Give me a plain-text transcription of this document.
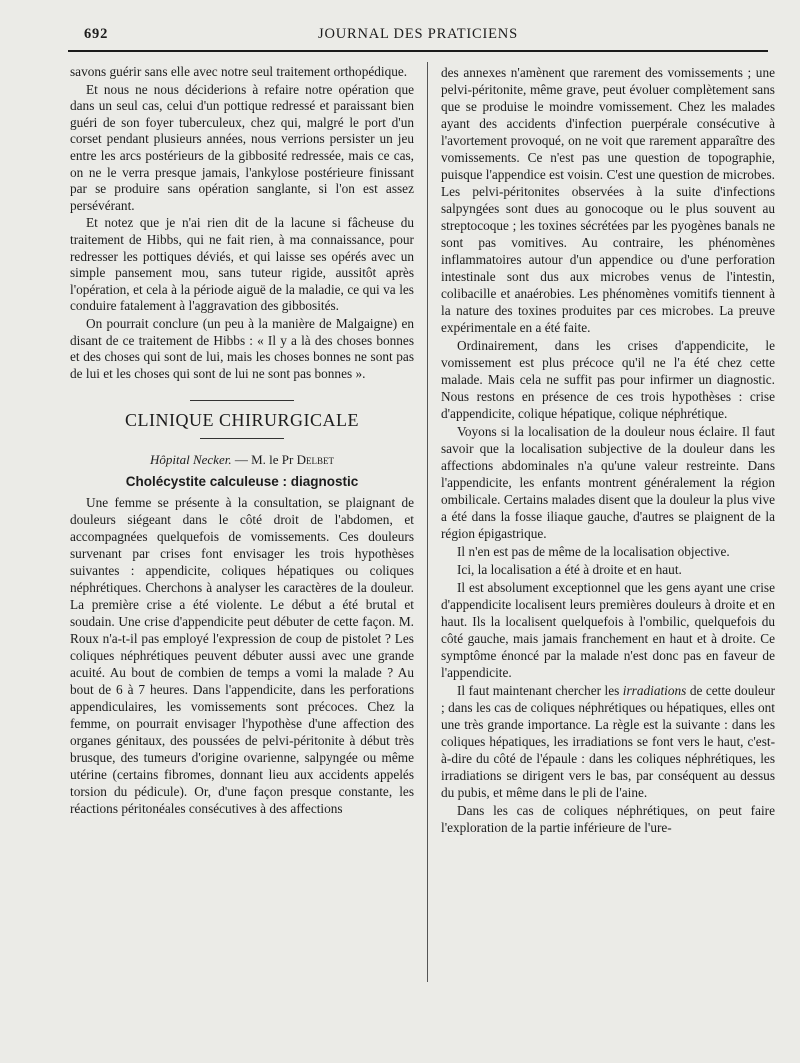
692	JOURNAL DES PRATICIENS

savons guérir sans elle avec notre seul traitement orthopédique.

Et nous ne nous déciderions à refaire notre opération que dans un seul cas, celui d'un pottique redressé et paraissant bien guéri de son foyer tuberculeux, chez qui, malgré le port d'un corset pendant plusieurs années, nous verrions persister un jeu entre les arcs postérieurs de la gibbosité redressée, mais ce cas, on ne le verra presque jamais, l'ankylose postérieure finissant par se produire sans opération sanglante, si l'on est assez persévérant.

Et notez que je n'ai rien dit de la lacune si fâcheuse du traitement de Hibbs, qui ne fait rien, à ma connaissance, pour redresser les pottiques déviés, et qui laisse ses opérés avec un simple pansement mou, sans tuteur rigide, aussitôt après l'opération, et cela à la période aiguë de la maladie, ce qui va les conduire fatalement à l'aggravation des gibbosités.

On pourrait conclure (un peu à la manière de Malgaigne) en disant de ce traitement de Hibbs : « Il y a là des choses bonnes et des choses qui sont de lui, mais les choses bonnes ne sont pas de lui et les choses qui sont de lui ne sont pas bonnes ».

CLINIQUE CHIRURGICALE
Hôpital Necker. — M. le Pr Delbet
Cholécystite calculeuse : diagnostic

Une femme se présente à la consultation, se plaignant de douleurs siégeant dans le côté droit de l'abdomen, et accompagnées quelquefois de vomissements. Ces douleurs survenant par crises font envisager les trois hypothèses suivantes : appendicite, coliques hépatiques ou coliques néphrétiques. Cherchons à analyser les caractères de la douleur. La première crise a été violente. Le début a été brutal et soudain. Une crise d'appendicite peut débuter de cette façon. M. Roux n'a-t-il pas employé l'expression de coup de pistolet ? Les coliques néphrétiques peuvent débuter aussi avec une grande acuité. Au bout de combien de temps a vomi la malade ? Au bout de 6 à 7 heures. Dans l'appendicite, dans les perforations appendiculaires, les vomissements sont précoces. Chez la femme, on pourrait envisager l'hypothèse d'une affection des organes génitaux, des poussées de pelvi-péritonite à début très brusque, des tumeurs d'origine ovarienne, salpyngée ou même utérine (certains fibromes, donnant lieu aux accidents appelés torsion du pédicule). Or, d'une façon presque constante, les réactions péritonéales consécutives à des affections

des annexes n'amènent que rarement des vomissements ; une pelvi-péritonite, même grave, peut évoluer complètement sans que se produise le moindre vomissement. Chez les malades ayant des accidents d'infection puerpérale consécutive à l'avortement provoqué, on ne voit que rarement apparaître des vomissements. Ce n'est pas une question de topographie, puisque l'appendice est voisin. C'est une question de microbes. Les pelvi-péritonites observées à la suite d'infections salpyngées sont dues au gonocoque ou le plus souvent au streptocoque ; les toxines sécrétées par les pyogènes banals ne sont pas vomitives. Au contraire, les phénomènes inflammatoires autour d'un appendice ou d'une perforation intestinale sont dus aux microbes venus de l'intestin, colibacille et anaérobies. Les phénomènes vomitifs tiennent à la nature des toxines produites par ces microbes. La preuve expérimentale en a été faite.

Ordinairement, dans les crises d'appendicite, le vomissement est plus précoce qu'il ne l'a été chez cette malade. Mais cela ne suffit pas pour infirmer un diagnostic. Nous restons en présence de ces trois hypothèses : crise d'appendicite, colique hépatique, colique néphrétique.

Voyons si la localisation de la douleur nous éclaire. Il faut savoir que la localisation subjective de la douleur dans les affections abdominales n'a qu'une valeur restreinte. Dans l'appendicite, les enfants montrent généralement la région ombilicale. Certains malades disent que la douleur la plus vive a été dans la fosse iliaque gauche, d'autres se plaignent de la région épigastrique.

Il n'en est pas de même de la localisation objective.

Ici, la localisation a été à droite et en haut.

Il est absolument exceptionnel que les gens ayant une crise d'appendicite localisent leurs premières douleurs à droite et en haut. Ils la localisent quelquefois à l'ombilic, quelquefois du côté gauche, mais jamais franchement en haut et à droite. Ce symptôme énoncé par la malade n'est donc pas en faveur de l'appendicite.

Il faut maintenant chercher les irradiations de cette douleur ; dans les cas de coliques néphrétiques ou hépatiques, elles ont une très grande importance. La règle est la suivante : dans les coliques hépatiques, les irradiations se font vers le haut, c'est-à-dire du côté de l'épaule : dans les coliques néphrétiques, les irradiations se dirigent vers le bas, par conséquent au dessus du pubis, et même dans le pli de l'aine.

Dans les cas de coliques néphrétiques, on peut faire l'exploration de la partie inférieure de l'ure-
